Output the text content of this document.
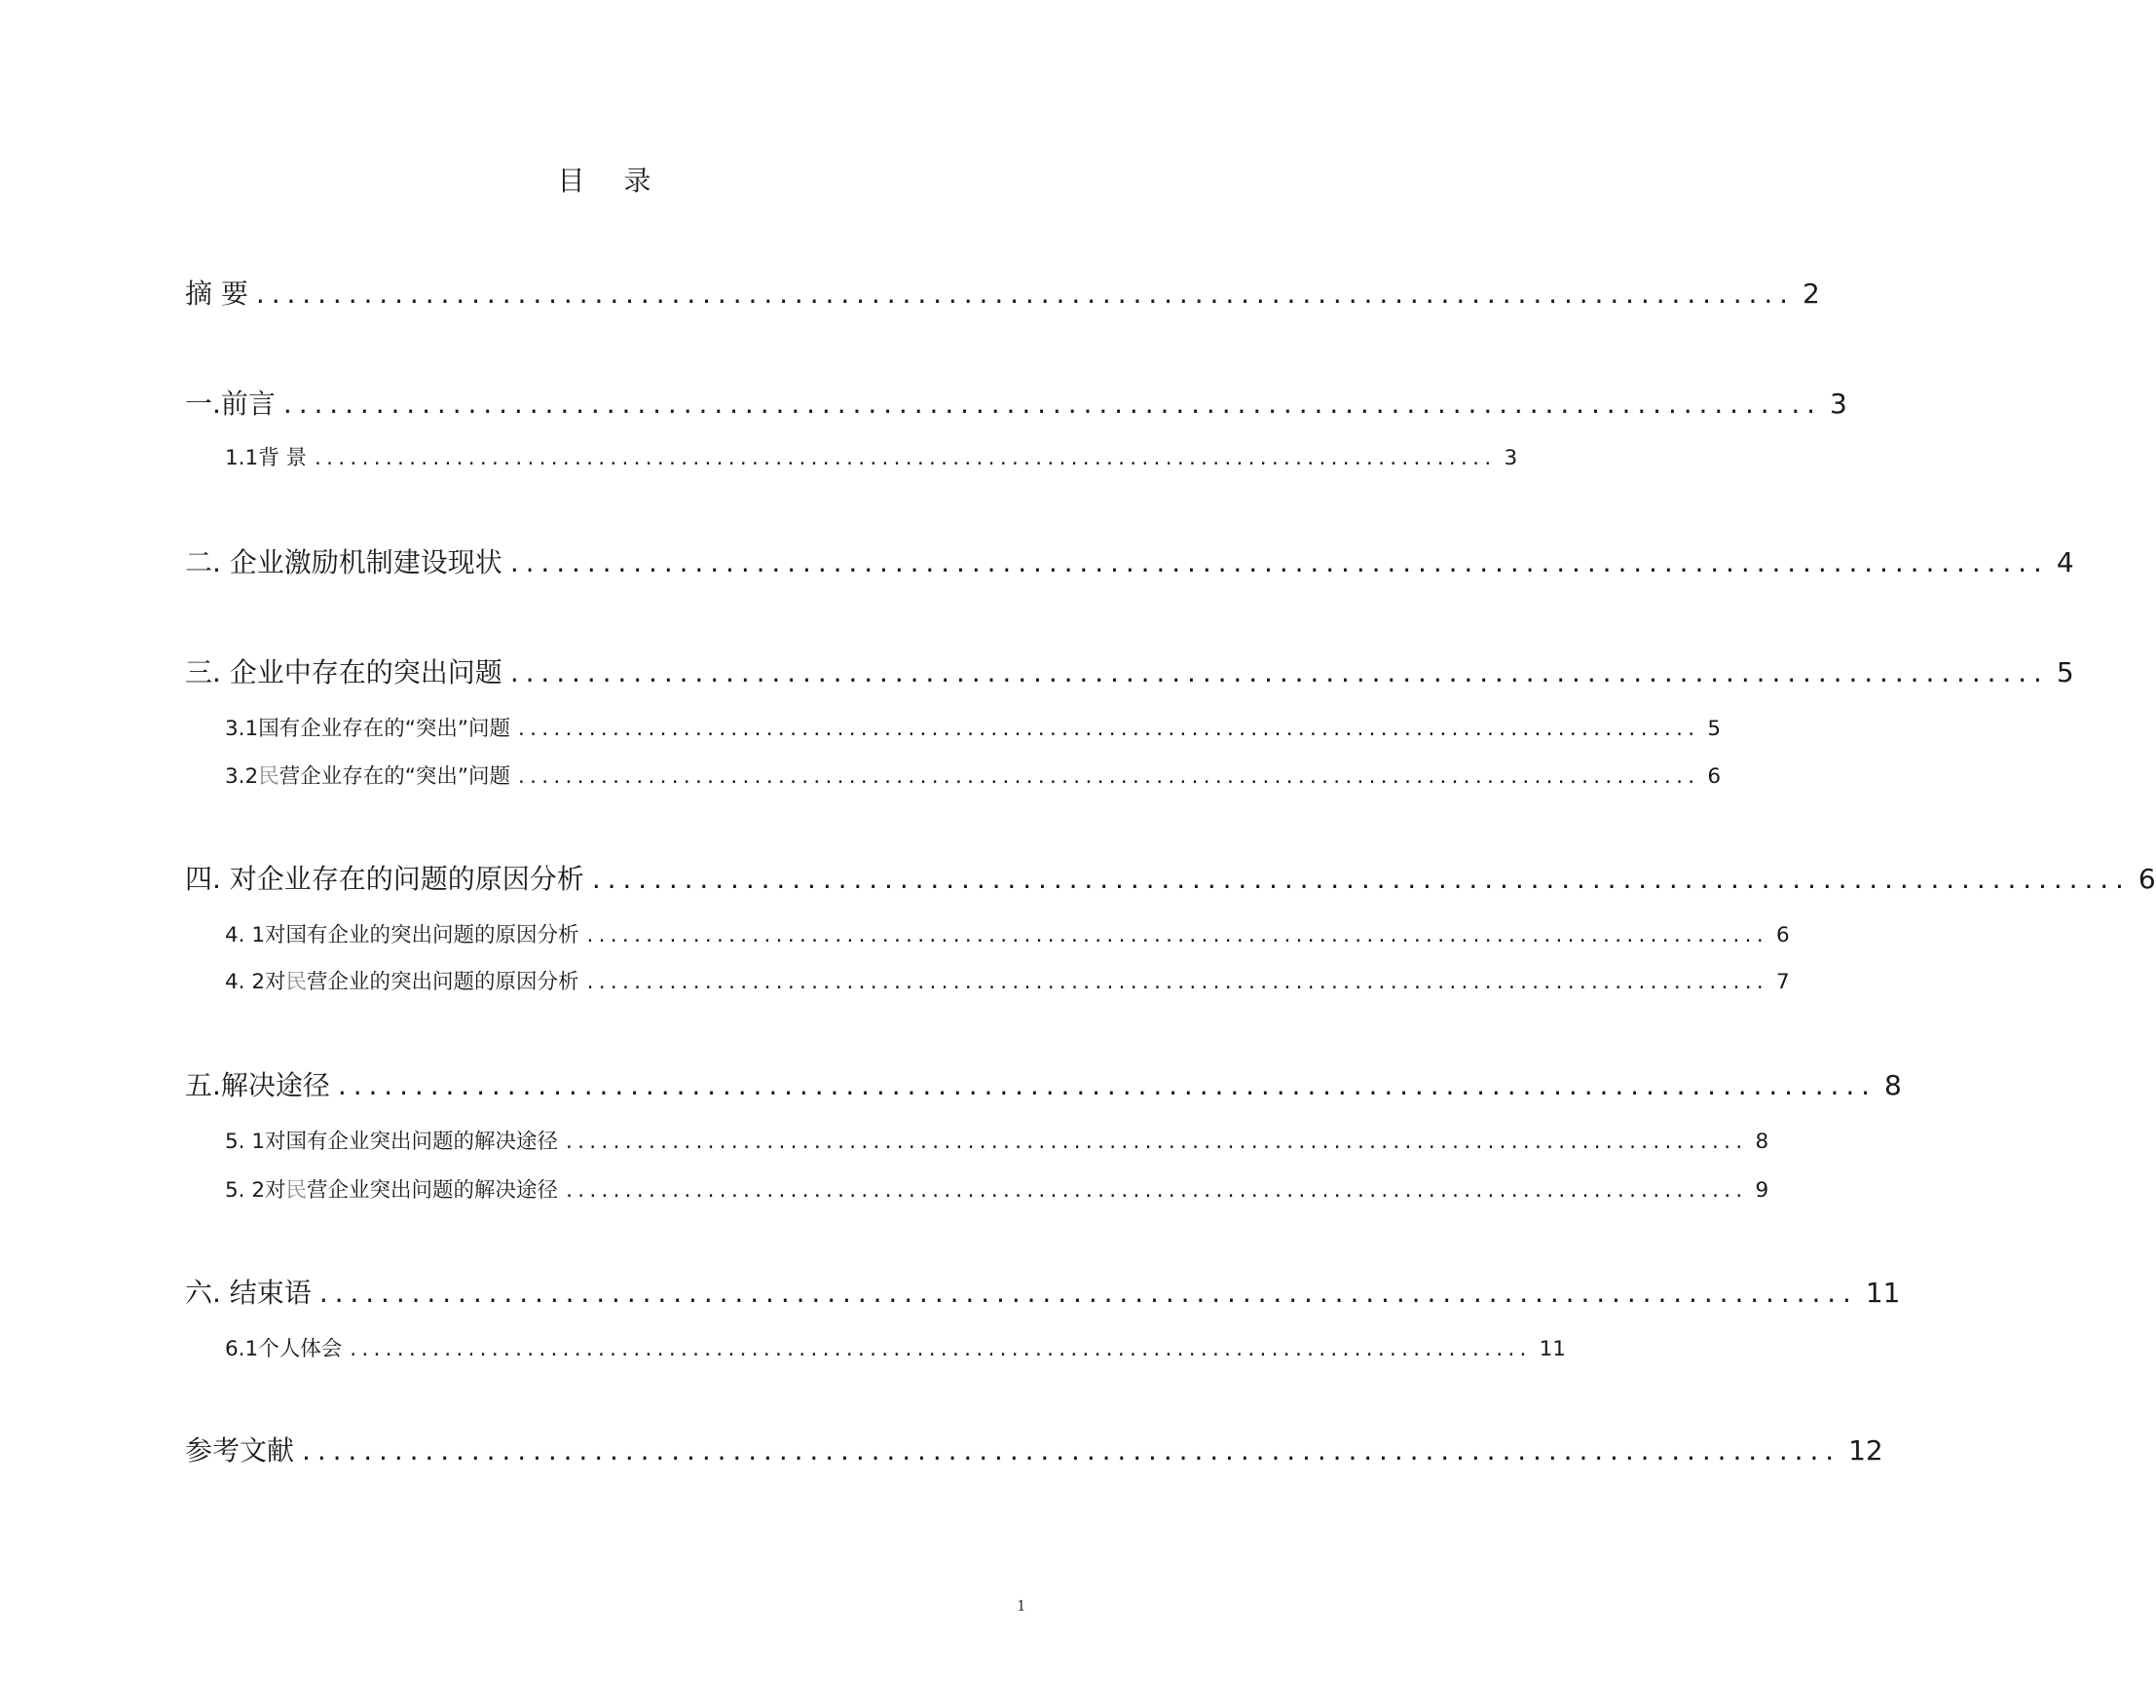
目录
摘 要 .................................................................................................... 2
一.前言 .................................................................................................... 3
1.1背 景 .................................................................................................... 3
二. 企业激励机制建设现状 .................................................................................................... 4
三. 企业中存在的突出问题 .................................................................................................... 5
3.1国有企业存在的“突出”问题 .................................................................................................... 5
3.2民营企业存在的“突出”问题 .................................................................................................... 6
四. 对企业存在的问题的原因分析 .................................................................................................... 6
4. 1对国有企业的突出问题的原因分析 .................................................................................................... 6
4. 2对民营企业的突出问题的原因分析 .................................................................................................... 7
五.解决途径 .................................................................................................... 8
5. 1对国有企业突出问题的解决途径 .................................................................................................... 8
5. 2对民营企业突出问题的解决途径 .................................................................................................... 9
六. 结束语 .................................................................................................... 11
6.1个人体会 .................................................................................................... 11
参考文献 .................................................................................................... 12
1
